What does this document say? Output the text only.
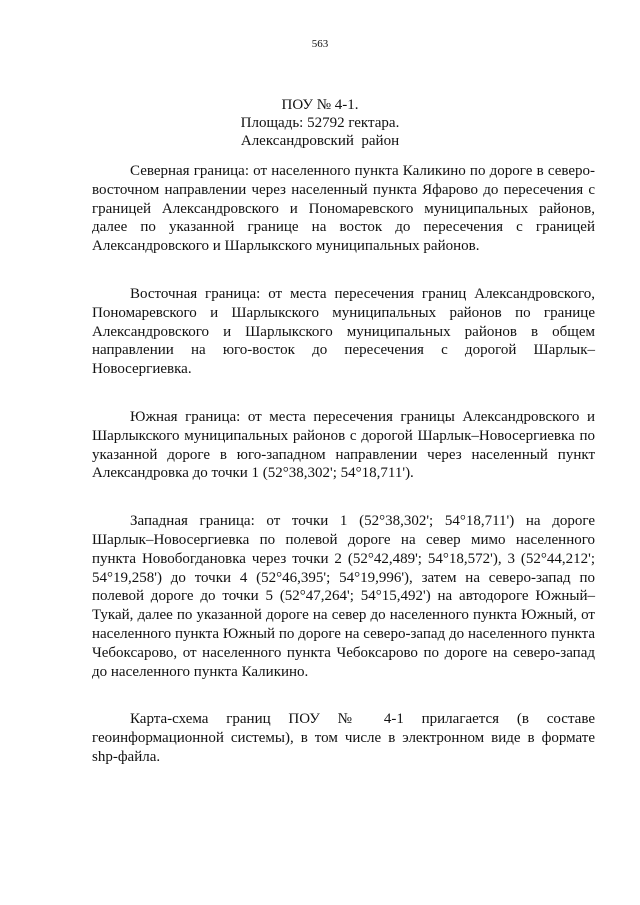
563
ПОУ № 4-1.
Площадь: 52792 гектара.
Александровский  район

Северная граница: от населенного пункта Каликино по дороге в северо-восточном направлении через населенный пункта Яфарово до пересечения с границей Александровского и Пономаревского муниципальных районов, далее по указанной границе на восток до пересечения с границей Александровского и Шарлыкского муниципальных районов.

Восточная граница: от места пересечения границ Александровского, Пономаревского и Шарлыкского муниципальных районов по границе Александровского и Шарлыкского муниципальных районов в общем направлении на юго-восток до пересечения с дорогой Шарлык–Новосергиевка.

Южная граница: от места пересечения границы Александровского и Шарлыкского муниципальных районов с дорогой Шарлык–Новосергиевка по указанной дороге в юго-западном направлении через населенный пункт Александровка до точки 1 (52°38,302'; 54°18,711').

Западная граница: от точки 1 (52°38,302'; 54°18,711') на дороге Шарлык–Новосергиевка по полевой дороге на север мимо населенного пункта Новобогдановка через точки 2 (52°42,489'; 54°18,572'), 3 (52°44,212'; 54°19,258') до точки 4 (52°46,395'; 54°19,996'), затем на северо-запад по полевой дороге до точки 5 (52°47,264'; 54°15,492') на автодороге Южный–Тукай, далее по указанной дороге на север до населенного пункта Южный, от населенного пункта Южный по дороге на северо-запад до населенного пункта Чебоксарово, от населенного пункта Чебоксарово по дороге на северо-запад до населенного пункта Каликино.

Карта-схема границ ПОУ № 4-1 прилагается (в составе геоинформационной системы), в том числе в электронном виде в формате shp-файла.
